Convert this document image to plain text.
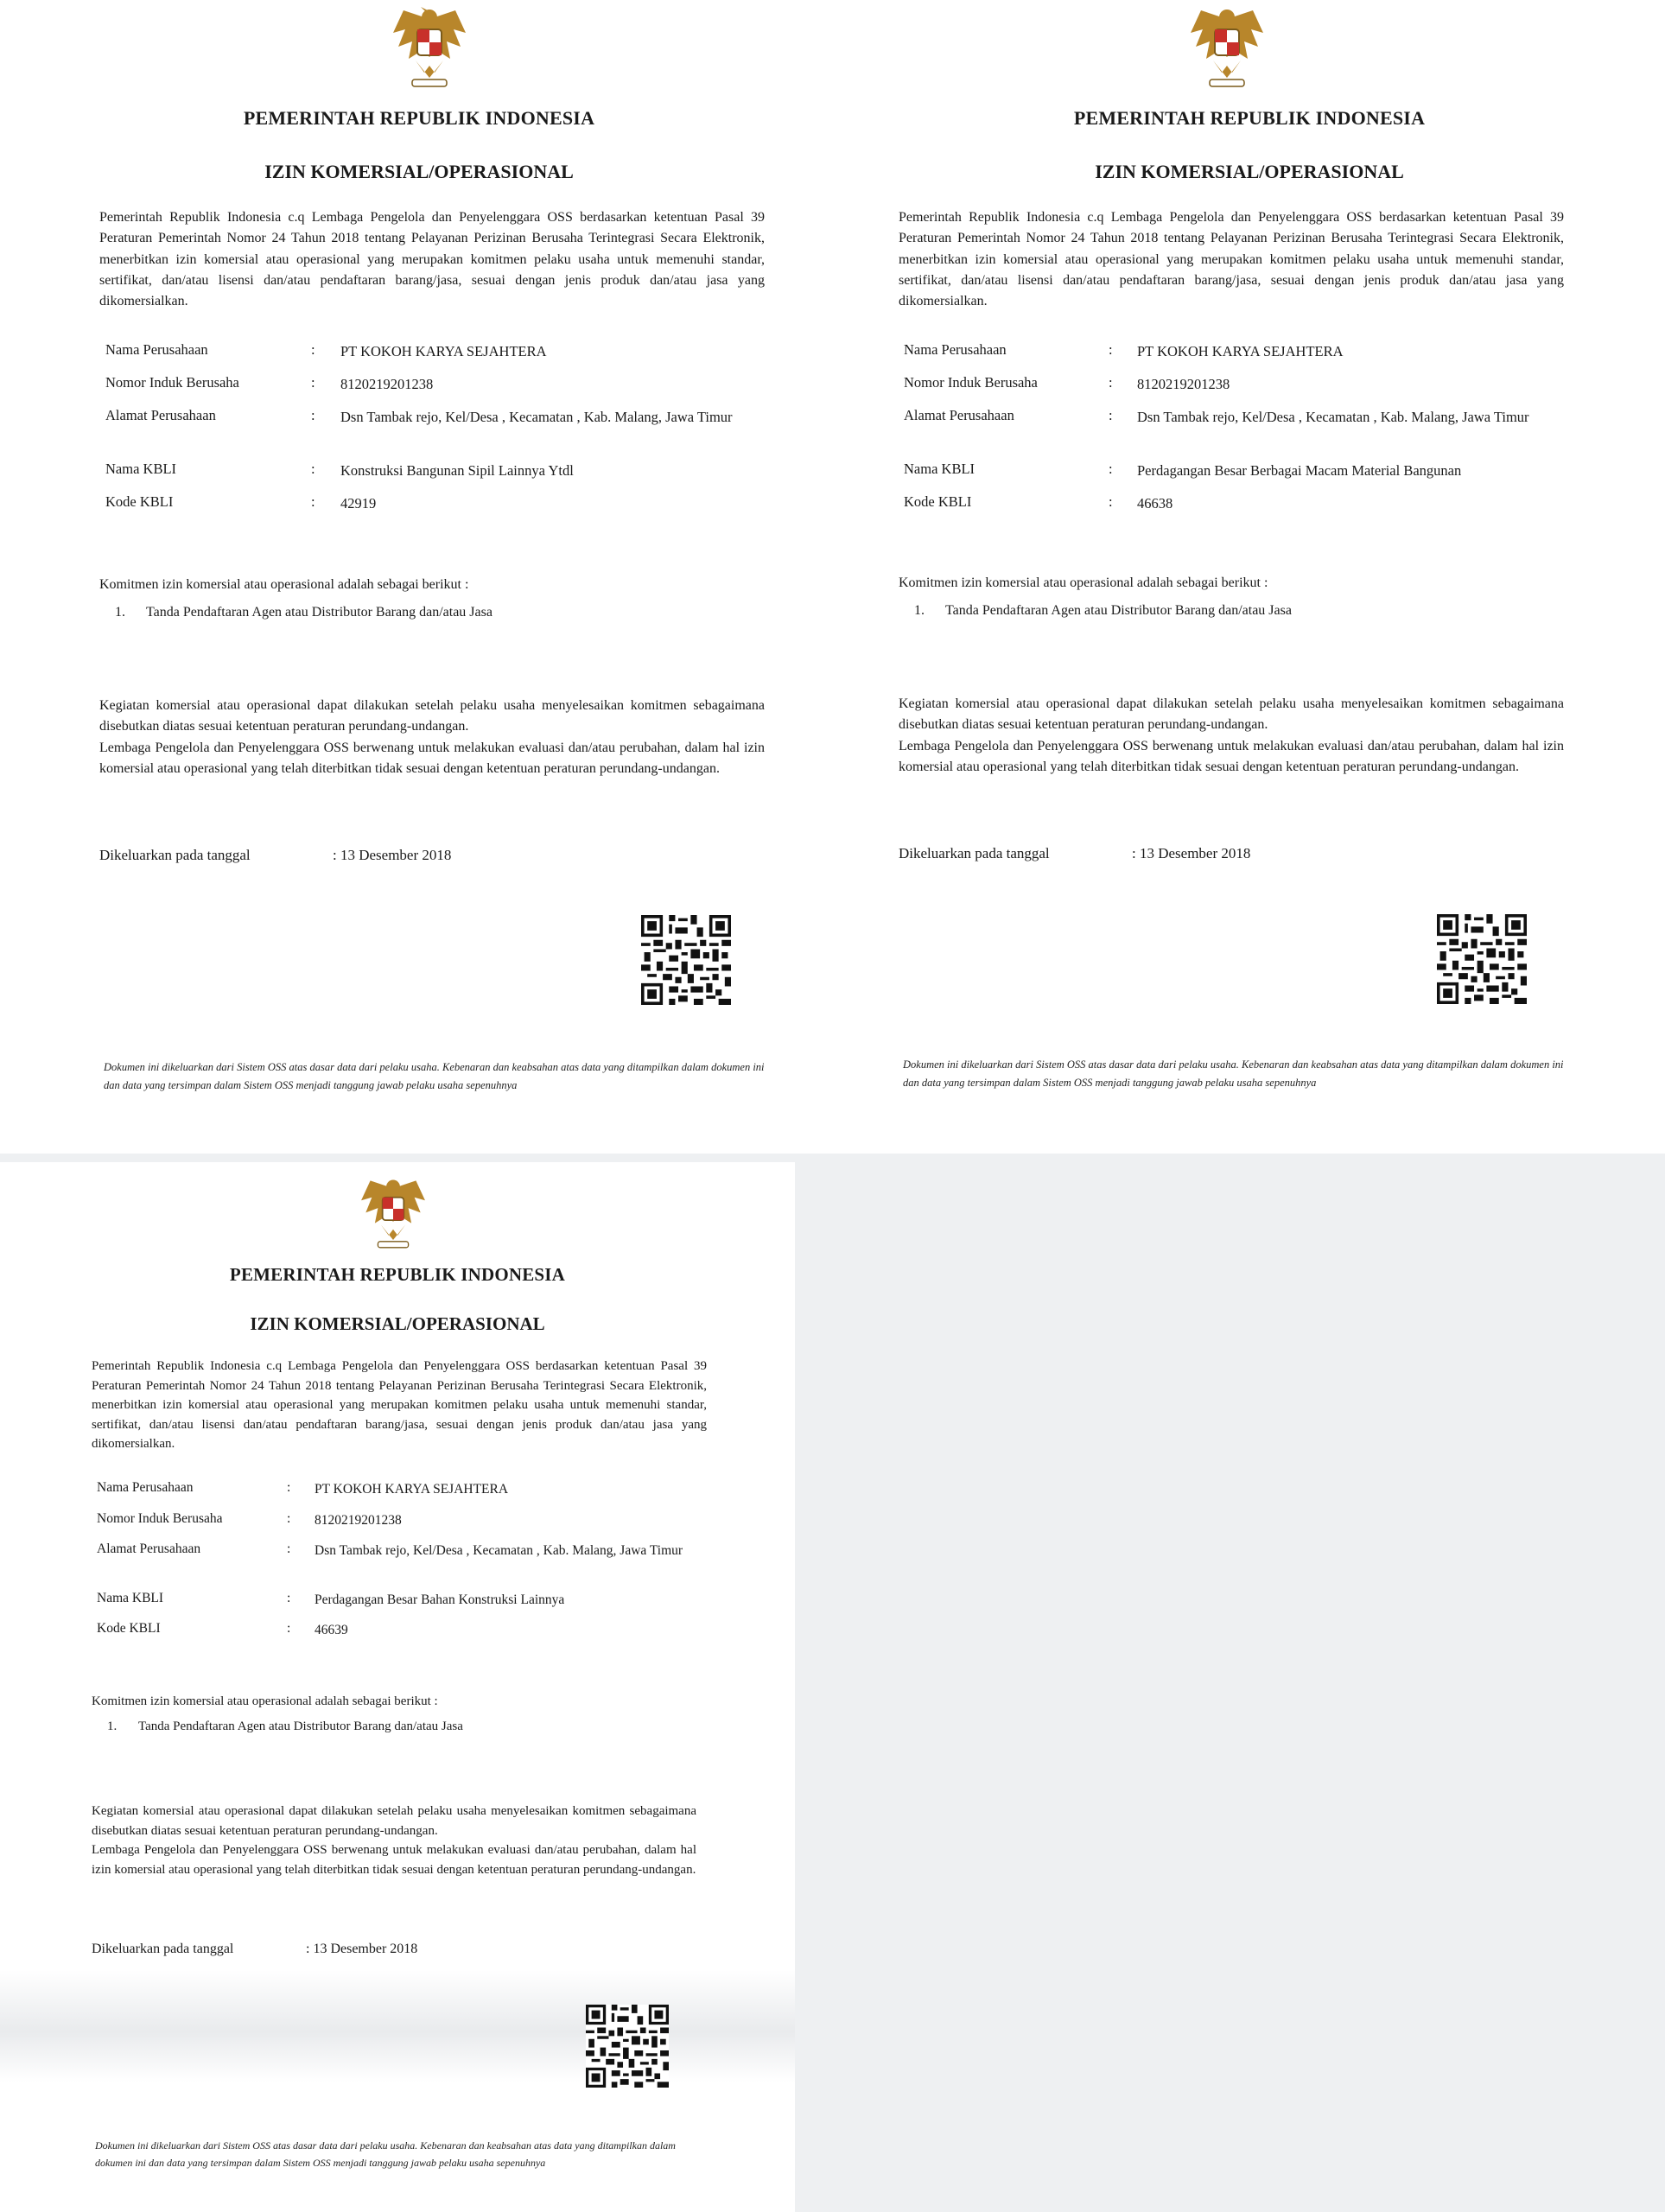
PEMERINTAH REPUBLIK INDONESIA
IZIN KOMERSIAL/OPERASIONAL
Pemerintah Republik Indonesia c.q Lembaga Pengelola dan Penyelenggara OSS berdasarkan ketentuan Pasal 39 Peraturan Pemerintah Nomor 24 Tahun 2018 tentang Pelayanan Perizinan Berusaha Terintegrasi Secara Elektronik, menerbitkan izin komersial atau operasional yang merupakan komitmen pelaku usaha untuk memenuhi standar, sertifikat, dan/atau lisensi dan/atau pendaftaran barang/jasa, sesuai dengan jenis produk dan/atau jasa yang dikomersialkan.
Nama Perusahaan	: PT KOKOH KARYA SEJAHTERA
Nomor Induk Berusaha	: 8120219201238
Alamat Perusahaan	: Dsn Tambak rejo, Kel/Desa , Kecamatan , Kab. Malang, Jawa Timur
Nama KBLI	: Konstruksi Bangunan Sipil Lainnya Ytdl
Kode KBLI	: 42919
Komitmen izin komersial atau operasional adalah sebagai berikut :
1. Tanda Pendaftaran Agen atau Distributor Barang dan/atau Jasa

Kegiatan komersial atau operasional dapat dilakukan setelah pelaku usaha menyelesaikan komitmen sebagaimana disebutkan diatas sesuai ketentuan peraturan perundang-undangan.

Lembaga Pengelola dan Penyelenggara OSS berwenang untuk melakukan evaluasi dan/atau perubahan, dalam hal izin komersial atau operasional yang telah diterbitkan tidak sesuai dengan ketentuan peraturan perundang-undangan.

Dikeluarkan pada tanggal	: 13 Desember 2018
Dokumen ini dikeluarkan dari Sistem OSS atas dasar data dari pelaku usaha. Kebenaran dan keabsahan atas data yang ditampilkan dalam dokumen ini dan data yang tersimpan dalam Sistem OSS menjadi tanggung jawab pelaku usaha sepenuhnya
PEMERINTAH REPUBLIK INDONESIA
IZIN KOMERSIAL/OPERASIONAL
Pemerintah Republik Indonesia c.q Lembaga Pengelola dan Penyelenggara OSS berdasarkan ketentuan Pasal 39 Peraturan Pemerintah Nomor 24 Tahun 2018 tentang Pelayanan Perizinan Berusaha Terintegrasi Secara Elektronik, menerbitkan izin komersial atau operasional yang merupakan komitmen pelaku usaha untuk memenuhi standar, sertifikat, dan/atau lisensi dan/atau pendaftaran barang/jasa, sesuai dengan jenis produk dan/atau jasa yang dikomersialkan.
Nama Perusahaan	: PT KOKOH KARYA SEJAHTERA
Nomor Induk Berusaha	: 8120219201238
Alamat Perusahaan	: Dsn Tambak rejo, Kel/Desa , Kecamatan , Kab. Malang, Jawa Timur
Nama KBLI	: Perdagangan Besar Berbagai Macam Material Bangunan
Kode KBLI	: 46638
Komitmen izin komersial atau operasional adalah sebagai berikut :
1. Tanda Pendaftaran Agen atau Distributor Barang dan/atau Jasa

Kegiatan komersial atau operasional dapat dilakukan setelah pelaku usaha menyelesaikan komitmen sebagaimana disebutkan diatas sesuai ketentuan peraturan perundang-undangan.

Lembaga Pengelola dan Penyelenggara OSS berwenang untuk melakukan evaluasi dan/atau perubahan, dalam hal izin komersial atau operasional yang telah diterbitkan tidak sesuai dengan ketentuan peraturan perundang-undangan.

Dikeluarkan pada tanggal	: 13 Desember 2018
Dokumen ini dikeluarkan dari Sistem OSS atas dasar data dari pelaku usaha. Kebenaran dan keabsahan atas data yang ditampilkan dalam dokumen ini dan data yang tersimpan dalam Sistem OSS menjadi tanggung jawab pelaku usaha sepenuhnya
PEMERINTAH REPUBLIK INDONESIA
IZIN KOMERSIAL/OPERASIONAL
Pemerintah Republik Indonesia c.q Lembaga Pengelola dan Penyelenggara OSS berdasarkan ketentuan Pasal 39 Peraturan Pemerintah Nomor 24 Tahun 2018 tentang Pelayanan Perizinan Berusaha Terintegrasi Secara Elektronik, menerbitkan izin komersial atau operasional yang merupakan komitmen pelaku usaha untuk memenuhi standar, sertifikat, dan/atau lisensi dan/atau pendaftaran barang/jasa, sesuai dengan jenis produk dan/atau jasa yang dikomersialkan.
Nama Perusahaan	: PT KOKOH KARYA SEJAHTERA
Nomor Induk Berusaha	: 8120219201238
Alamat Perusahaan	: Dsn Tambak rejo, Kel/Desa , Kecamatan , Kab. Malang, Jawa Timur
Nama KBLI	: Perdagangan Besar Bahan Konstruksi Lainnya
Kode KBLI	: 46639
Komitmen izin komersial atau operasional adalah sebagai berikut :
1. Tanda Pendaftaran Agen atau Distributor Barang dan/atau Jasa

Kegiatan komersial atau operasional dapat dilakukan setelah pelaku usaha menyelesaikan komitmen sebagaimana disebutkan diatas sesuai ketentuan peraturan perundang-undangan.

Lembaga Pengelola dan Penyelenggara OSS berwenang untuk melakukan evaluasi dan/atau perubahan, dalam hal izin komersial atau operasional yang telah diterbitkan tidak sesuai dengan ketentuan peraturan perundang-undangan.

Dikeluarkan pada tanggal	: 13 Desember 2018
Dokumen ini dikeluarkan dari Sistem OSS atas dasar data dari pelaku usaha. Kebenaran dan keabsahan atas data yang ditampilkan dalam dokumen ini dan data yang tersimpan dalam Sistem OSS menjadi tanggung jawab pelaku usaha sepenuhnya
